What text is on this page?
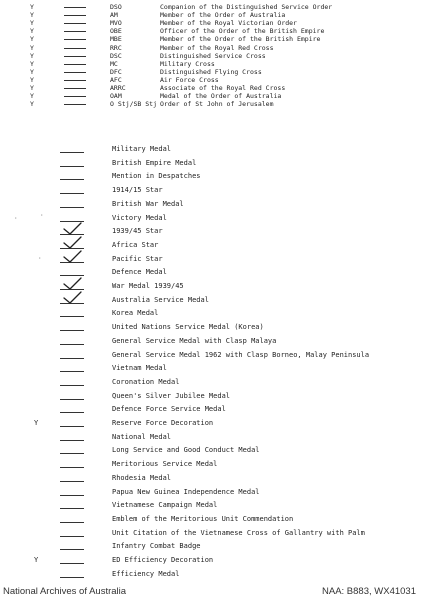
Y	DSO	Companion of the Distinguished Service Order
Y	AM	Member of the Order of Australia
Y	MVO	Member of the Royal Victorian Order
Y	OBE	Officer of the Order of the British Empire
Y	MBE	Member of the Order of the British Empire
Y	RRC	Member of the Royal Red Cross
Y	DSC	Distinguished Service Cross
Y	MC	Military Cross
Y	DFC	Distinguished Flying Cross
Y	AFC	Air Force Cross
Y	ARRC	Associate of the Royal Red Cross
Y	OAM	Medal of the Order of Australia
Y	O Stj/SB Stj Order of St John of Jerusalem
Military Medal
British Empire Medal
Mention in Despatches
1914/15 Star
British War Medal
Victory Medal
1939/45 Star
Africa Star
Pacific Star
Defence Medal
War Medal 1939/45
Australia Service Medal
Korea Medal
United Nations Service Medal (Korea)
General Service Medal with Clasp Malaya
General Service Medal 1962 with Clasp Borneo, Malay Peninsula
Vietnam Medal
Coronation Medal
Queen's Silver Jubilee Medal
Defence Force Service Medal
Y	Reserve Force Decoration
National Medal
Long Service and Good Conduct Medal
Meritorious Service Medal
Rhodesia Medal
Papua New Guinea Independence Medal
Vietnamese Campaign Medal
Emblem of the Meritorious Unit Commendation
Unit Citation of the Vietnamese Cross of Gallantry with Palm
Infantry Combat Badge
Y	ED Efficiency Decoration
Efficiency Medal
·	·
·
National Archives of Australia	NAA: B883, WX41031
